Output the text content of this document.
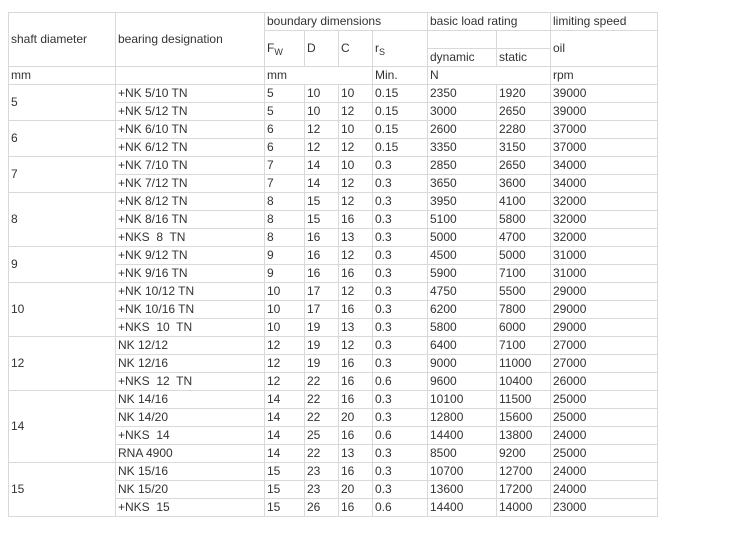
shaft diameter	bearing designation	boundary dimensions				basic load rating		limiting speed
		$F_W$	D	C	$r_S$			oil
						dynamic	static	
mm		mm			Min.	N		rpm
5	+NK 5/10 TN	5	10	10	0.15	2350	1920	39000
	+NK 5/12 TN	5	10	12	0.15	3000	2650	39000
6	+NK 6/10 TN	6	12	10	0.15	2600	2280	37000
	+NK 6/12 TN	6	12	12	0.15	3350	3150	37000
7	+NK 7/10 TN	7	14	10	0.3	2850	2650	34000
	+NK 7/12 TN	7	14	12	0.3	3650	3600	34000
8	+NK 8/12 TN	8	15	12	0.3	3950	4100	32000
	+NK 8/16 TN	8	15	16	0.3	5100	5800	32000
	+NKS  8  TN	8	16	13	0.3	5000	4700	32000
9	+NK 9/12 TN	9	16	12	0.3	4500	5000	31000
	+NK 9/16 TN	9	16	16	0.3	5900	7100	31000
10	+NK 10/12 TN	10	17	12	0.3	4750	5500	29000
	+NK 10/16 TN	10	17	16	0.3	6200	7800	29000
	+NKS  10  TN	10	19	13	0.3	5800	6000	29000
12	NK 12/12	12	19	12	0.3	6400	7100	27000
	NK 12/16	12	19	16	0.3	9000	11000	27000
	+NKS  12  TN	12	22	16	0.6	9600	10400	26000
14	NK 14/16	14	22	16	0.3	10100	11500	25000
	NK 14/20	14	22	20	0.3	12800	15600	25000
	+NKS  14	14	25	16	0.6	14400	13800	24000
	RNA 4900	14	22	13	0.3	8500	9200	25000
15	NK 15/16	15	23	16	0.3	10700	12700	24000
	NK 15/20	15	23	20	0.3	13600	17200	24000
	+NKS  15	15	26	16	0.6	14400	14000	23000
